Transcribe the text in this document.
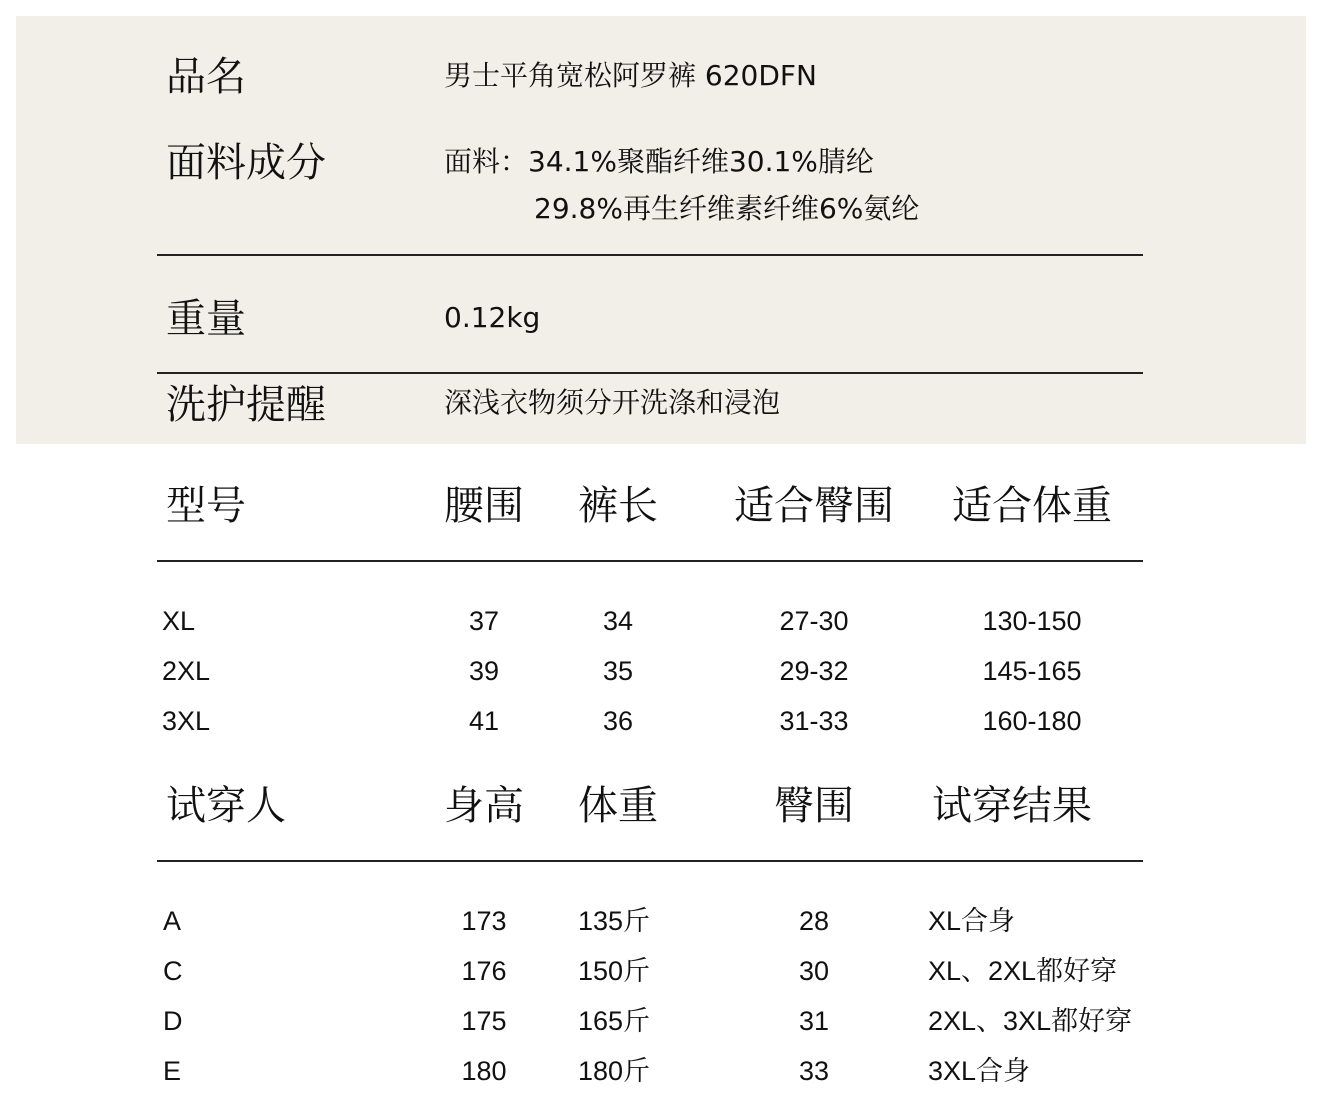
品名	男士平角宽松阿罗裤 620DFN
面料成分	面料：34.1%聚酯纤维30.1%腈纶
29.8%再生纤维素纤维6%氨纶
重量	0.12kg
洗护提醒	深浅衣物须分开洗涤和浸泡
型号	腰围 裤长 适合臀围 适合体重
XL	37	34	27-30	130-150
2XL	39	35	29-32	145-165
3XL	41	36	31-33	160-180
试穿人	身高 体重	臀围 试穿结果
A	173	135斤	28	XL合身
C	176	150斤	30	XL、2XL都好穿
D	175	165斤	31	2XL、3XL都好穿
E	180	180斤	33	3XL合身
